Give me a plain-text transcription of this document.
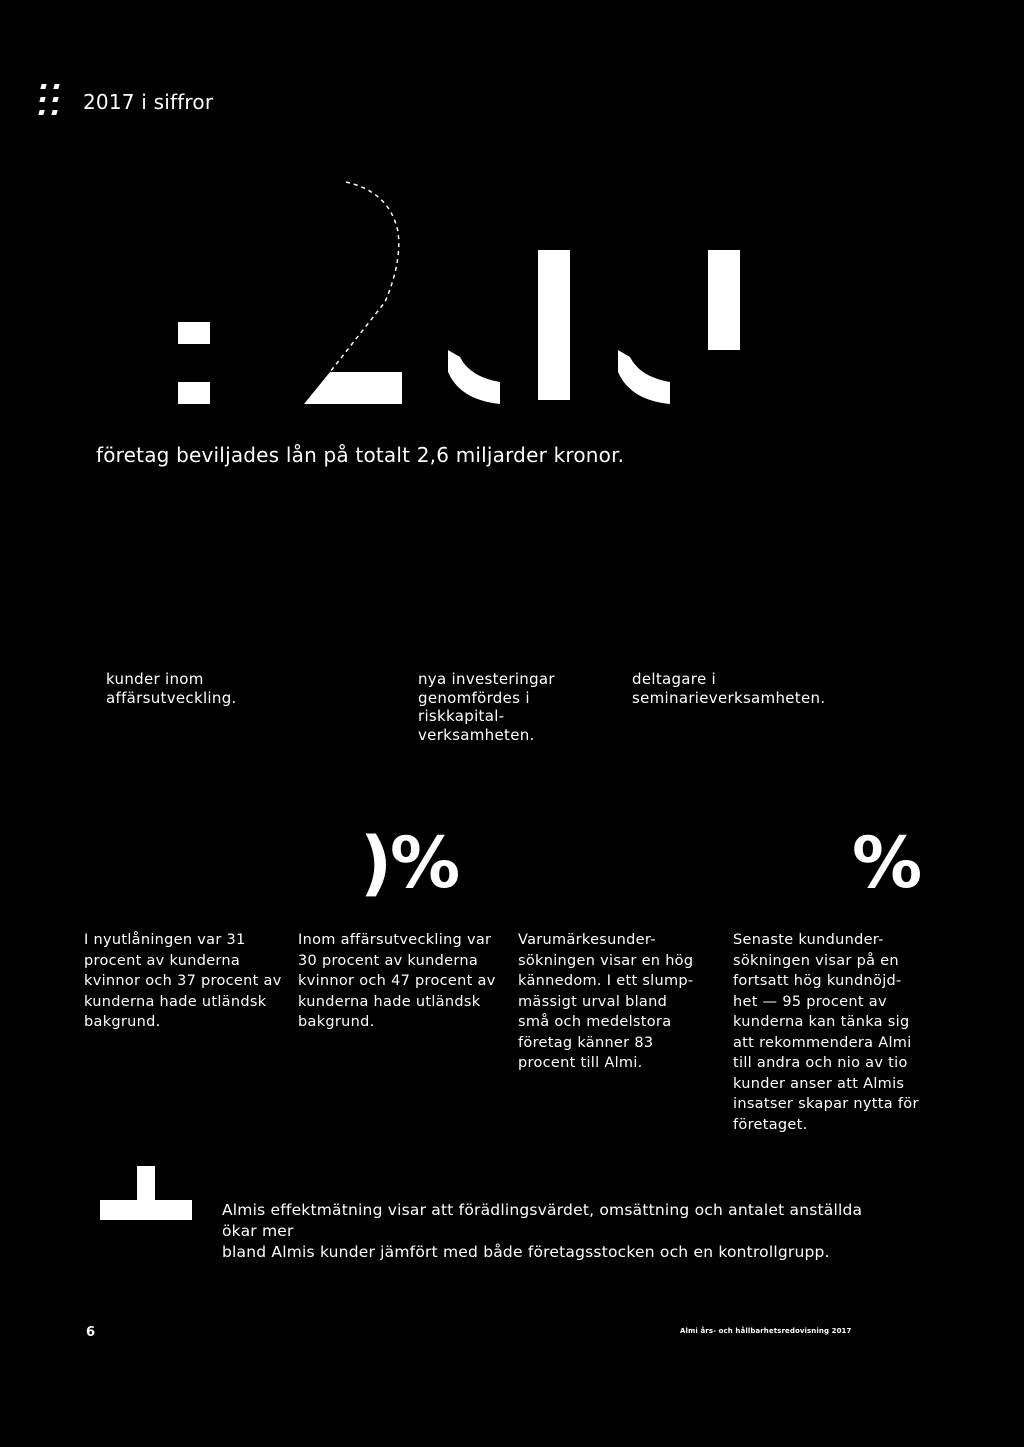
2017 i siffror
företag beviljades lån på totalt 2,6 miljarder kronor.
kunder inom
affärsutveckling.
nya investeringar
genomfördes i
riskkapital-
verksamheten.
deltagare i
seminarieverksamheten.
)%	%
I nyutlåningen var 31
procent av kunderna
kvinnor och 37 procent av
kunderna hade utländsk
bakgrund.
Inom affärsutveckling var
30 procent av kunderna
kvinnor och 47 procent av
kunderna hade utländsk
bakgrund.
Varumärkesunder-
sökningen visar en hög
kännedom. I ett slump-
mässigt urval bland
små och medelstora
företag känner 83
procent till Almi.
Senaste kundunder-
sökningen visar på en
fortsatt hög kundnöjd-
het — 95 procent av
kunderna kan tänka sig
att rekommendera Almi
till andra och nio av tio
kunder anser att Almis
insatser skapar nytta för
företaget.
Almis effektmätning visar att förädlingsvärdet, omsättning och antalet anställda ökar mer
bland Almis kunder jämfört med både företagsstocken och en kontrollgrupp.
6	Almi års- och hållbarhetsredovisning 2017
